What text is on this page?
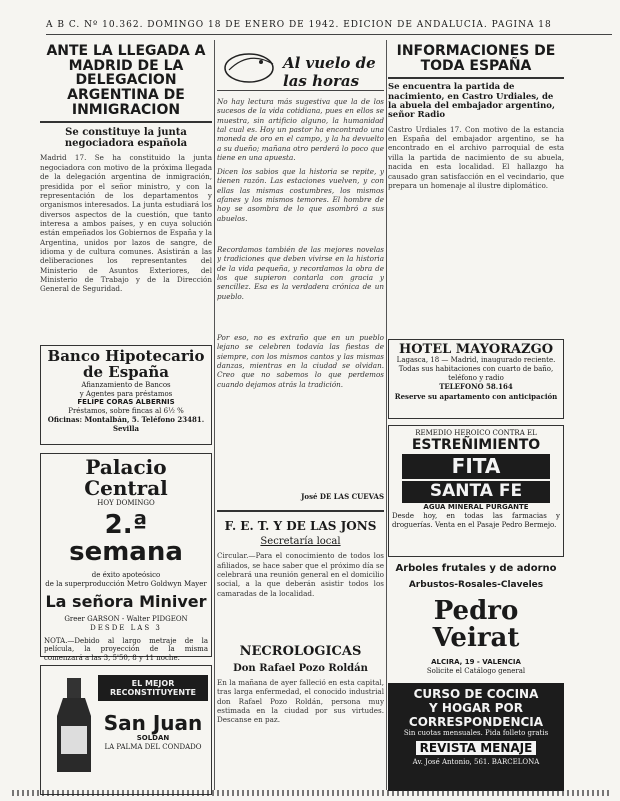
A B C. Nº 10.362. DOMINGO 18 DE ENERO DE 1942. EDICION DE ANDALUCIA. PAGINA 18
ANTE LA LLEGADA A MADRID DE LA DELEGACION ARGENTINA DE INMIGRACION

Se constituye la junta negociadora española

Madrid 17. Se ha constituido la junta negociadora con motivo de la próxima llegada de la delegación argentina de inmigración, presidida por el señor ministro, y con la representación de los departamentos y organismos interesados. La junta estudiará los diversos aspectos de la cuestión, que tanto interesa a ambos países, y en cuya solución están empeñados los Gobiernos de España y la Argentina, unidos por lazos de sangre, de idioma y de cultura comunes. Asistirán a las deliberaciones los representantes del Ministerio de Asuntos Exteriores, del Ministerio de Trabajo y de la Dirección General de Seguridad.

Banco Hipotecario de España
Afianzamiento de Bancos
y Agentes para préstamos
FELIPE CORAS ALBERNIS
Préstamos, sobre fincas al 6½ %
Oficinas: Montalbán, 5. Teléfono 23481. Sevilla
Palacio Central
HOY DOMINGO
2.ª semana
de éxito apoteósico
de la superproducción Metro Goldwyn Mayer
La señora Miniver
Greer GARSON - Walter PIDGEON
DESDE LAS 3
NOTA.—Debido al largo metraje de la película, la proyección de la misma comenzará a las 3, 5'50, 8 y 11 noche.
EL MEJOR RECONSTITUYENTE
San Juan
SOLDAN
LA PALMA DEL CONDADO
Al vuelo de las horas

No hay lectura más sugestiva que la de los sucesos de la vida cotidiana, pues en ellos se muestra, sin artificio alguno, la humanidad tal cual es. Hoy un pastor ha encontrado una moneda de oro en el campo, y la ha devuelto a su dueño; mañana otro perderá lo poco que tiene en una apuesta.

Dicen los sabios que la historia se repite, y tienen razón. Las estaciones vuelven, y con ellas las mismas costumbres, los mismos afanes y los mismos temores. El hombre de hoy se asombra de lo que asombró a sus abuelos.

Recordamos también de las mejores novelas y tradiciones que deben vivirse en la historia de la vida pequeña, y recordamos la obra de los que supieron contarla con gracia y sencillez. Esa es la verdadera crónica de un pueblo.

Por eso, no es extraño que en un pueblo lejano se celebren todavía las fiestas de siempre, con los mismos cantos y las mismas danzas, mientras en la ciudad se olvidan. Creo que no sabemos lo que perdemos cuando dejamos atrás la tradición.

José DE LAS CUEVAS
F. E. T. Y DE LAS JONS
Secretaría local

Circular.—Para el conocimiento de todos los afiliados, se hace saber que el próximo día se celebrará una reunión general en el domicilio social, a la que deberán asistir todos los camaradas de la localidad.

NECROLOGICAS
Don Rafael Pozo Roldán

En la mañana de ayer falleció en esta capital, tras larga enfermedad, el conocido industrial don Rafael Pozo Roldán, persona muy estimada en la ciudad por sus virtudes. Descanse en paz.

INFORMACIONES DE TODA ESPAÑA

Se encuentra la partida de nacimiento, en Castro Urdiales, de la abuela del embajador argentino, señor Radio

Castro Urdiales 17. Con motivo de la estancia en España del embajador argentino, se ha encontrado en el archivo parroquial de esta villa la partida de nacimiento de su abuela, nacida en esta localidad. El hallazgo ha causado gran satisfacción en el vecindario, que prepara un homenaje al ilustre diplomático.

HOTEL MAYORAZGO
Lagasca, 18 — Madrid, inaugurado reciente.
Todas sus habitaciones con cuarto de baño, teléfono y radio
TELEFONO 58.164
Reserve su apartamento con anticipación
REMEDIO HEROICO CONTRA EL
ESTREÑIMIENTO
FITA
SANTA FE
AGUA MINERAL PURGANTE
Desde hoy, en todas las farmacias y droguerías. Venta en el Pasaje Pedro Bermejo.
Arboles frutales y de adorno
Arbustos-Rosales-Claveles
Pedro Veirat
ALCIRA, 19 - VALENCIA
Solicite el Catálogo general
CURSO DE COCINA
Y HOGAR POR
CORRESPONDENCIA
Sin cuotas mensuales. Pida folleto gratis
REVISTA MENAJE
Av. José Antonio, 561. BARCELONA
